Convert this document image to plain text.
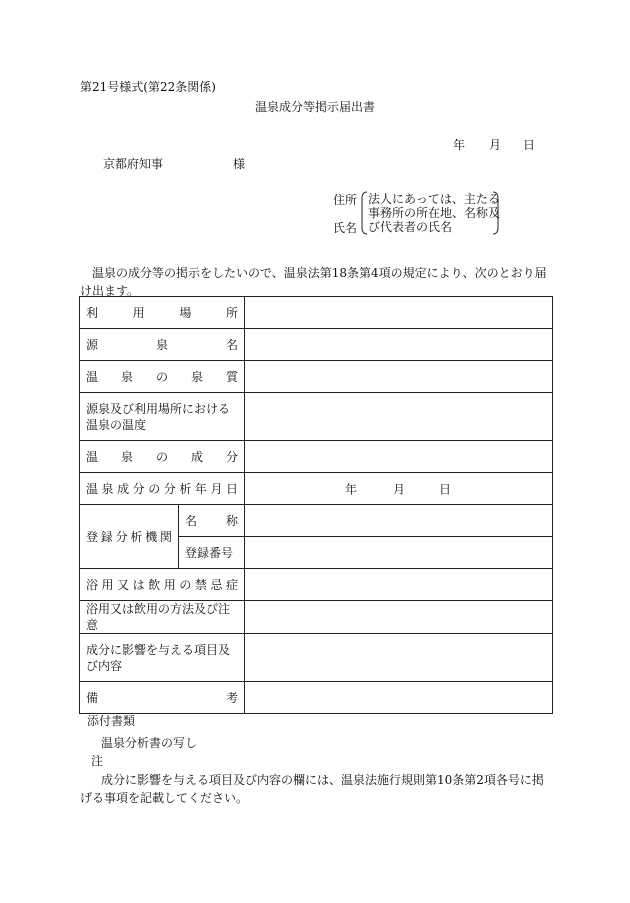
第21号様式(第22条関係)
温泉成分等掲示届出書
年 月 日
京都府知事	様
住所
氏名
法人にあっては、主たる
事務所の所在地、名称及
び代表者の氏名
温泉の成分等の掲示をしたいので、温泉法第18条第4項の規定により、次のとおり届け出ます。
利用場所		
源泉名		
温泉の泉質		
源泉及び利用場所における温泉の温度		
温泉の成分		
温泉成分の分析年月日		年 月 日

登録分析機関	名称	
	登録番号	
浴用又は飲用の禁忌症		
浴用又は飲用の方法及び注意		
成分に影響を与える項目及び内容		
備考		
添付書類
温泉分析書の写し
注
成分に影響を与える項目及び内容の欄には、温泉法施行規則第10条第2項各号に掲げる事項を記載してください。
